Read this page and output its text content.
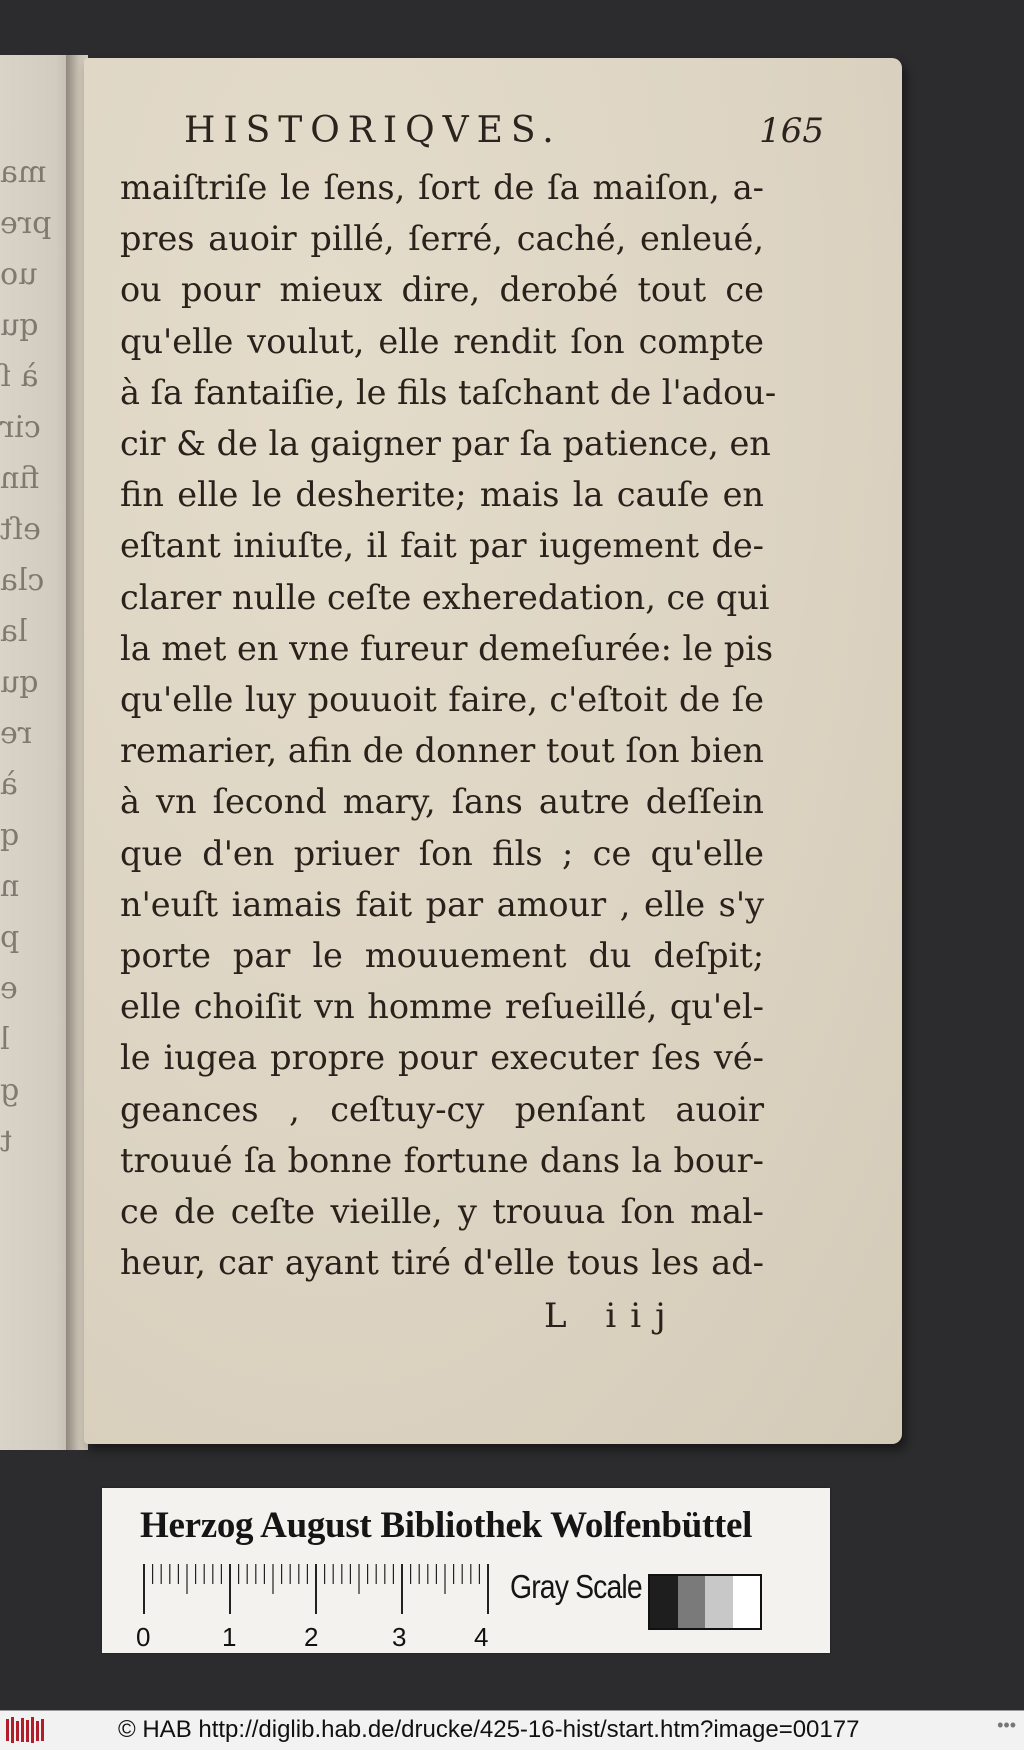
ma
pre
uo
qu
à ſ
cir
fin
eſt
cla
la
qu
re
à
q
n
p
e
l
g
t
HISTORIQVES.	165
maiſtriſe le ſens, ſort de ſa maiſon, a-
pres auoir pillé, ſerré, caché, enleué,
ou pour mieux dire, derobé tout ce
qu'elle voulut, elle rendit ſon compte
à ſa fantaiſie, le fils taſchant de l'adou-
cir & de la gaigner par ſa patience, en
fin elle le desherite; mais la cauſe en
eſtant iniuſte, il fait par iugement de-
clarer nulle ceſte exheredation, ce qui
la met en vne fureur demeſurée: le pis
qu'elle luy pouuoit faire, c'eſtoit de ſe
remarier, afin de donner tout ſon bien
à vn ſecond mary, ſans autre deſſein
que d'en priuer ſon fils ; ce qu'elle
n'euſt iamais fait par amour , elle s'y
porte par le mouuement du deſpit;
elle choiſit vn homme reſueillé, qu'el-
le iugea propre pour executer ſes vé-
geances , ceſtuy-cy penſant auoir
trouué ſa bonne fortune dans la bour-
ce de ceſte vieille, y trouua ſon mal-
heur, car ayant tiré d'elle tous les ad-
L iij
Herzog August Bibliothek Wolfenbüttel
0	1	2	3	4
Gray Scale
© HAB http://diglib.hab.de/drucke/425-16-hist/start.htm?image=00177	•••
